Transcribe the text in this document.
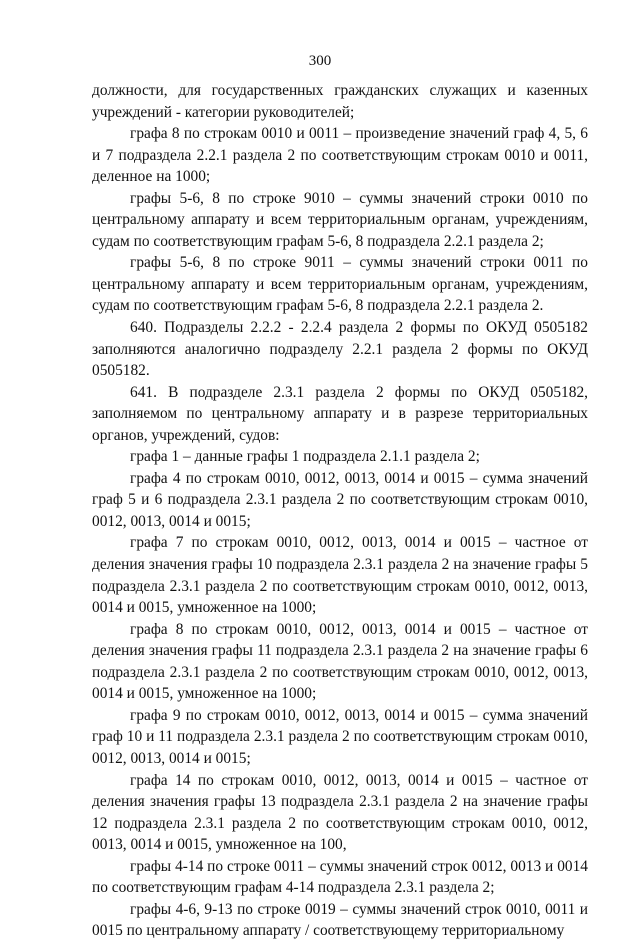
300

должности, для государственных гражданских служащих и казенных учреждений - категории руководителей;

графа 8 по строкам 0010 и 0011 – произведение значений граф 4, 5, 6 и 7 подраздела 2.2.1 раздела 2 по соответствующим строкам 0010 и 0011, деленное на 1000;

графы 5-6, 8 по строке 9010 – суммы значений строки 0010 по центральному аппарату и всем территориальным органам, учреждениям, судам по соответствующим графам 5-6, 8 подраздела 2.2.1 раздела 2;

графы 5-6, 8 по строке 9011 – суммы значений строки 0011 по центральному аппарату и всем территориальным органам, учреждениям, судам по соответствующим графам 5-6, 8 подраздела 2.2.1 раздела 2.

640. Подразделы 2.2.2 - 2.2.4 раздела 2 формы по ОКУД 0505182 заполняются аналогично подразделу 2.2.1 раздела 2 формы по ОКУД 0505182.

641. В подразделе 2.3.1 раздела 2 формы по ОКУД 0505182, заполняемом по центральному аппарату и в разрезе территориальных органов, учреждений, судов:

графа 1 – данные графы 1 подраздела 2.1.1 раздела 2;

графа 4 по строкам 0010, 0012, 0013, 0014 и 0015 – сумма значений граф 5 и 6 подраздела 2.3.1 раздела 2 по соответствующим строкам 0010, 0012, 0013, 0014 и 0015;

графа 7 по строкам 0010, 0012, 0013, 0014 и 0015 – частное от деления значения графы 10 подраздела 2.3.1 раздела 2 на значение графы 5 подраздела 2.3.1 раздела 2 по соответствующим строкам 0010, 0012, 0013, 0014 и 0015, умноженное на 1000;

графа 8 по строкам 0010, 0012, 0013, 0014 и 0015 – частное от деления значения графы 11 подраздела 2.3.1 раздела 2 на значение графы 6 подраздела 2.3.1 раздела 2 по соответствующим строкам 0010, 0012, 0013, 0014 и 0015, умноженное на 1000;

графа 9 по строкам 0010, 0012, 0013, 0014 и 0015 – сумма значений граф 10 и 11 подраздела 2.3.1 раздела 2 по соответствующим строкам 0010, 0012, 0013, 0014 и 0015;

графа 14 по строкам 0010, 0012, 0013, 0014 и 0015 – частное от деления значения графы 13 подраздела 2.3.1 раздела 2 на значение графы 12 подраздела 2.3.1 раздела 2 по соответствующим строкам 0010, 0012, 0013, 0014 и 0015, умноженное на 100,

графы 4-14 по строке 0011 – суммы значений строк 0012, 0013 и 0014 по соответствующим графам 4-14 подраздела 2.3.1 раздела 2;

графы 4-6, 9-13 по строке 0019 – суммы значений строк 0010, 0011 и 0015 по центральному аппарату / соответствующему территориальному
